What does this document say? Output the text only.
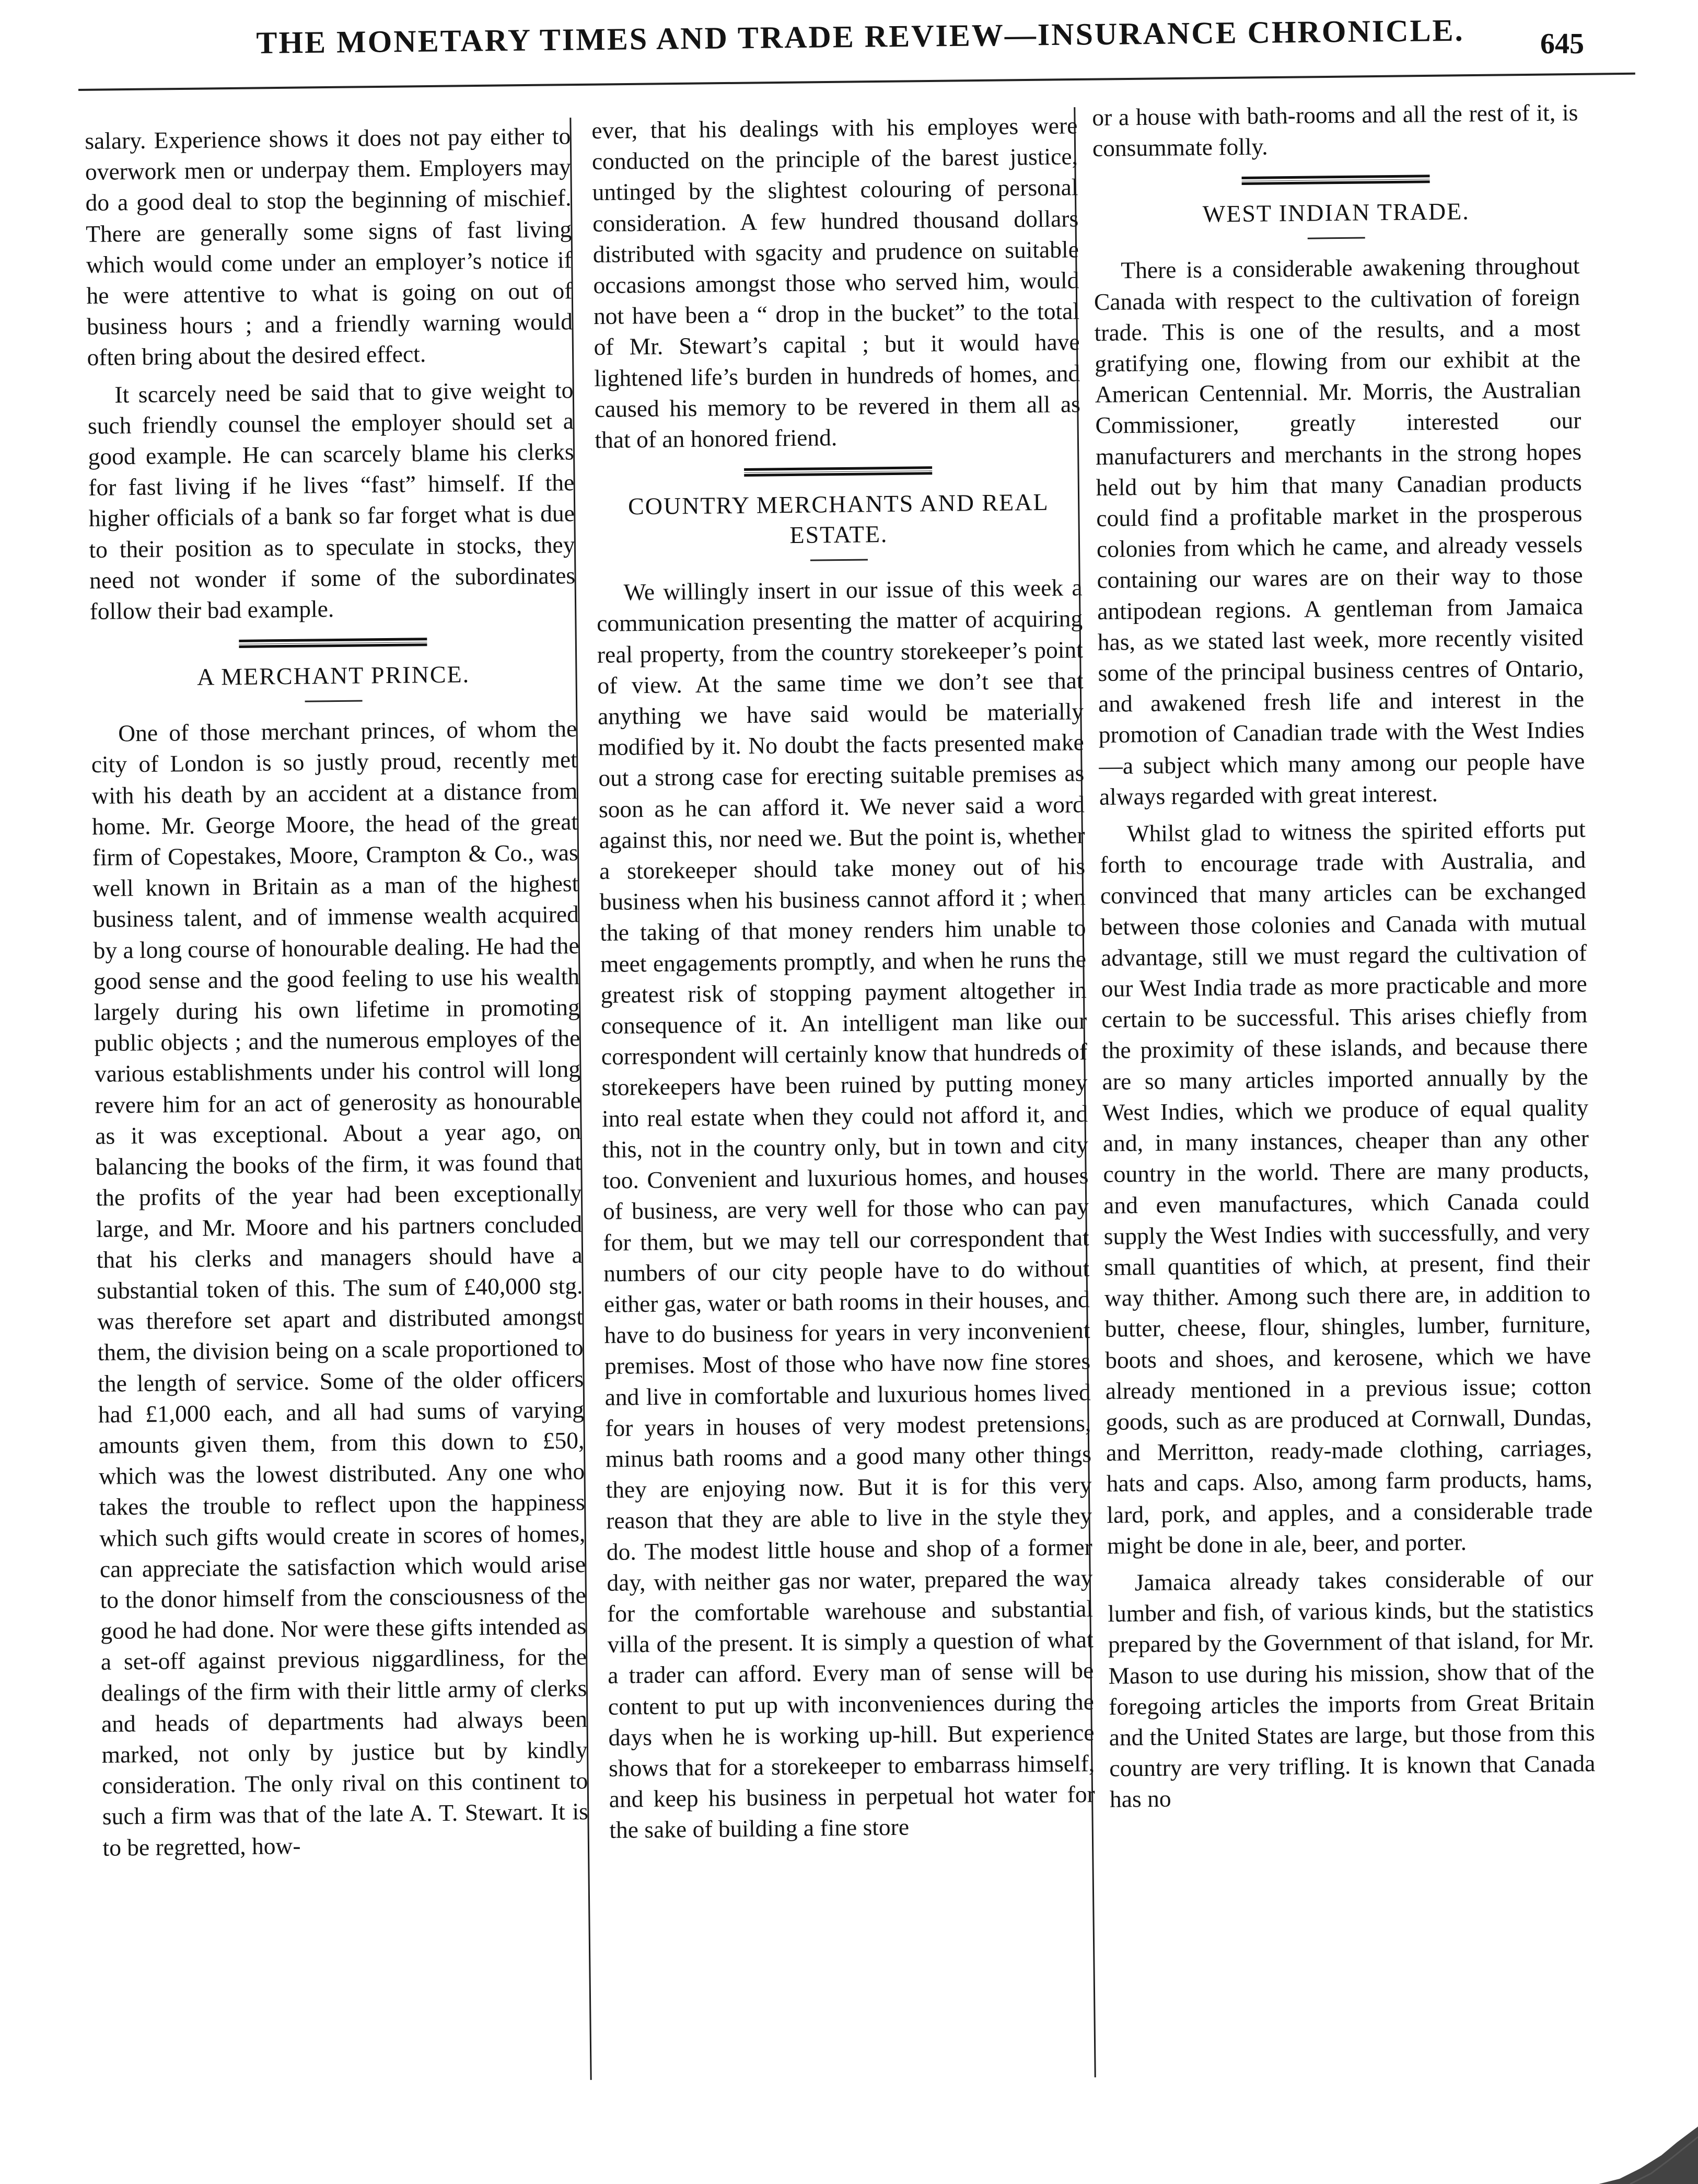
THE MONETARY TIMES AND TRADE REVIEW—INSURANCE CHRONICLE.	645

salary. Experience shows it does not pay either to overwork men or underpay them. Employers may do a good deal to stop the beginning of mischief. There are generally some signs of fast living which would come under an employer’s notice if he were attentive to what is going on out of business hours ; and a friendly warning would often bring about the desired effect.

It scarcely need be said that to give weight to such friendly counsel the employer should set a good example. He can scarcely blame his clerks for fast living if he lives “fast” himself. If the higher officials of a bank so far forget what is due to their position as to speculate in stocks, they need not wonder if some of the subordinates follow their bad example.

A MERCHANT PRINCE.

One of those merchant princes, of whom the city of London is so justly proud, recently met with his death by an accident at a distance from home. Mr. George Moore, the head of the great firm of Copestakes, Moore, Crampton & Co., was well known in Britain as a man of the highest business talent, and of immense wealth acquired by a long course of honourable dealing. He had the good sense and the good feeling to use his wealth largely during his own lifetime in promoting public objects ; and the numerous employes of the various establishments under his control will long revere him for an act of generosity as honourable as it was exceptional. About a year ago, on balancing the books of the firm, it was found that the profits of the year had been exceptionally large, and Mr. Moore and his partners concluded that his clerks and managers should have a substantial token of this. The sum of £40,000 stg. was therefore set apart and distributed amongst them, the division being on a scale proportioned to the length of service. Some of the older officers had £1,000 each, and all had sums of varying amounts given them, from this down to £50, which was the lowest distributed. Any one who takes the trouble to reflect upon the happiness which such gifts would create in scores of homes, can appreciate the satisfaction which would arise to the donor himself from the consciousness of the good he had done. Nor were these gifts intended as a set-off against previous niggardliness, for the dealings of the firm with their little army of clerks and heads of departments had always been marked, not only by justice but by kindly consideration. The only rival on this continent to such a firm was that of the late A. T. Stewart. It is to be regretted, how-

ever, that his dealings with his employes were conducted on the principle of the barest justice, untinged by the slightest colouring of personal consideration. A few hundred thousand dollars distributed with sgacity and prudence on suitable occasions amongst those who served him, would not have been a “ drop in the bucket” to the total of Mr. Stewart’s capital ; but it would have lightened life’s burden in hundreds of homes, and caused his memory to be revered in them all as that of an honored friend.

COUNTRY MERCHANTS AND REAL ESTATE.

We willingly insert in our issue of this week a communication presenting the matter of acquiring real property, from the country storekeeper’s point of view. At the same time we don’t see that anything we have said would be materially modified by it. No doubt the facts presented make out a strong case for erecting suitable premises as soon as he can afford it. We never said a word against this, nor need we. But the point is, whether a storekeeper should take money out of his business when his business cannot afford it ; when the taking of that money renders him unable to meet engagements promptly, and when he runs the greatest risk of stopping payment altogether in consequence of it. An intelligent man like our correspondent will certainly know that hundreds of storekeepers have been ruined by putting money into real estate when they could not afford it, and this, not in the country only, but in town and city too. Convenient and luxurious homes, and houses of business, are very well for those who can pay for them, but we may tell our correspondent that numbers of our city people have to do without either gas, water or bath rooms in their houses, and have to do business for years in very inconvenient premises. Most of those who have now fine stores and live in comfortable and luxurious homes lived for years in houses of very modest pretensions, minus bath rooms and a good many other things they are enjoying now. But it is for this very reason that they are able to live in the style they do. The modest little house and shop of a former day, with neither gas nor water, prepared the way for the comfortable warehouse and substantial villa of the present. It is simply a question of what a trader can afford. Every man of sense will be content to put up with inconveniences during the days when he is working up-hill. But experience shows that for a storekeeper to embarrass himself, and keep his business in perpetual hot water for the sake of building a fine store

or a house with bath-rooms and all the rest of it, is consummate folly.

WEST INDIAN TRADE.

There is a considerable awakening throughout Canada with respect to the cultivation of foreign trade. This is one of the results, and a most gratifying one, flowing from our exhibit at the American Centennial. Mr. Morris, the Australian Commissioner, greatly interested our manufacturers and merchants in the strong hopes held out by him that many Canadian products could find a profitable market in the prosperous colonies from which he came, and already vessels containing our wares are on their way to those antipodean regions. A gentleman from Jamaica has, as we stated last week, more recently visited some of the principal business centres of Ontario, and awakened fresh life and interest in the promotion of Canadian trade with the West Indies—a subject which many among our people have always regarded with great interest.

Whilst glad to witness the spirited efforts put forth to encourage trade with Australia, and convinced that many articles can be exchanged between those colonies and Canada with mutual advantage, still we must regard the cultivation of our West India trade as more practicable and more certain to be successful. This arises chiefly from the proximity of these islands, and because there are so many articles imported annually by the West Indies, which we produce of equal quality and, in many instances, cheaper than any other country in the world. There are many products, and even manufactures, which Canada could supply the West Indies with successfully, and very small quantities of which, at present, find their way thither. Among such there are, in addition to butter, cheese, flour, shingles, lumber, furniture, boots and shoes, and kerosene, which we have already mentioned in a previous issue; cotton goods, such as are produced at Cornwall, Dundas, and Merritton, ready-made clothing, carriages, hats and caps. Also, among farm products, hams, lard, pork, and apples, and a considerable trade might be done in ale, beer, and porter.

Jamaica already takes considerable of our lumber and fish, of various kinds, but the statistics prepared by the Government of that island, for Mr. Mason to use during his mission, show that of the foregoing articles the imports from Great Britain and the United States are large, but those from this country are very trifling. It is known that Canada has no
